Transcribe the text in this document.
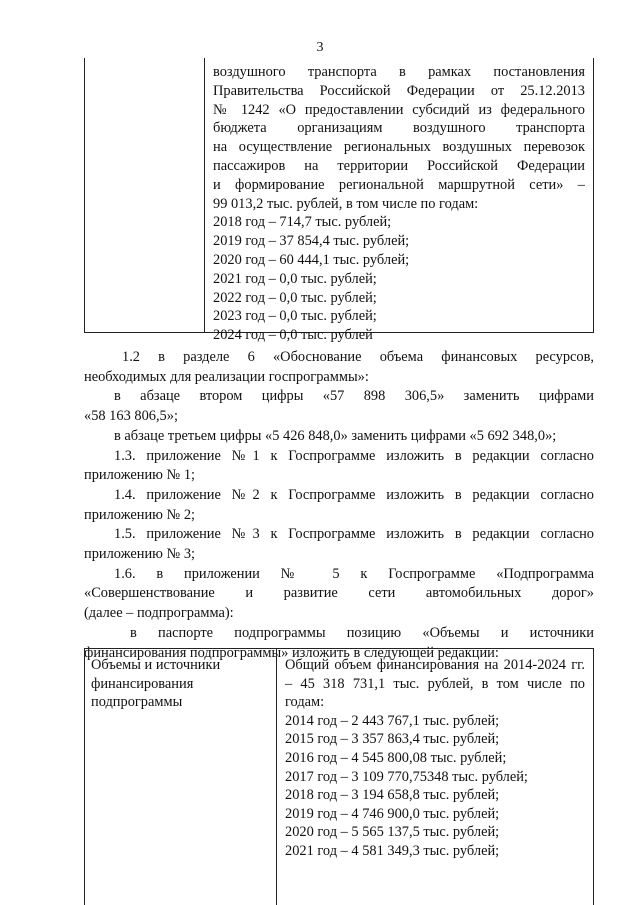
3
воздушного транспорта в рамках постановления
Правительства Российской Федерации от 25.12.2013
№ 1242 «О предоставлении субсидий из федерального
бюджета организациям воздушного транспорта
на осуществление региональных воздушных перевозок
пассажиров на территории Российской Федерации
и формирование региональной маршрутной сети» –
99 013,2 тыс. рублей, в том числе по годам:
2018 год – 714,7 тыс. рублей;
2019 год – 37 854,4 тыс. рублей;
2020 год – 60 444,1 тыс. рублей;
2021 год – 0,0 тыс. рублей;
2022 год – 0,0 тыс. рублей;
2023 год – 0,0 тыс. рублей;
2024 год – 0,0 тыс. рублей
1.2 в разделе 6 «Обоснование объема финансовых ресурсов,
необходимых для реализации госпрограммы»:
в абзаце втором цифры «57 898 306,5» заменить цифрами
«58 163 806,5»;
в абзаце третьем цифры «5 426 848,0» заменить цифрами «5 692 348,0»;
1.3. приложение №1 к Госпрограмме изложить в редакции согласно
приложению № 1;
1.4. приложение №2 к Госпрограмме изложить в редакции согласно
приложению № 2;
1.5. приложение №3 к Госпрограмме изложить в редакции согласно
приложению № 3;
1.6. в приложении № 5 к Госпрограмме «Подпрограмма
«Совершенствование и развитие сети автомобильных дорог»
(далее – подпрограмма):
в паспорте подпрограммы позицию «Объемы и источники
финансирования подпрограммы» изложить в следующей редакции:
Объемы и источники
финансирования
подпрограммы
Общий объем финансирования на 2014-2024 гг.
– 45 318 731,1 тыс. рублей, в том числе по
годам:
2014 год – 2 443 767,1 тыс. рублей;
2015 год – 3 357 863,4 тыс. рублей;
2016 год – 4 545 800,08 тыс. рублей;
2017 год – 3 109 770,75348 тыс. рублей;
2018 год – 3 194 658,8 тыс. рублей;
2019 год – 4 746 900,0 тыс. рублей;
2020 год – 5 565 137,5 тыс. рублей;
2021 год – 4 581 349,3 тыс. рублей;
